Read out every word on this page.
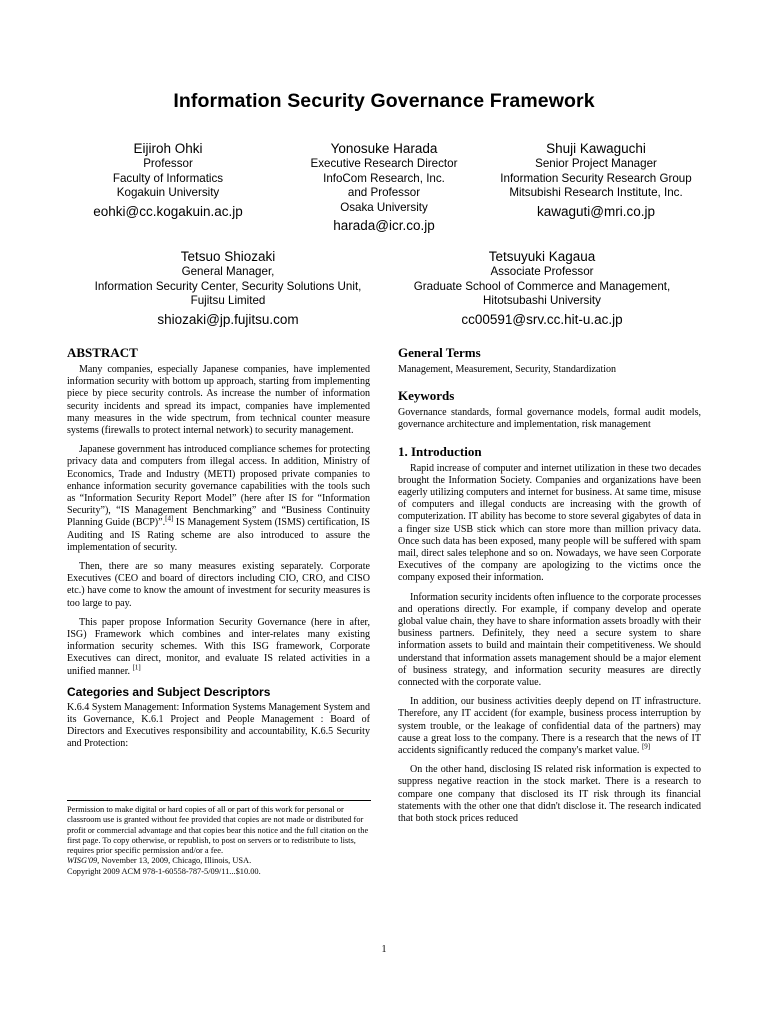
Information Security Governance Framework
Eijiroh Ohki
Professor
Faculty of Informatics
Kogakuin University
eohki@cc.kogakuin.ac.jp
Yonosuke Harada
Executive Research Director
InfoCom Research, Inc.
and Professor
Osaka University
harada@icr.co.jp
Shuji Kawaguchi
Senior Project Manager
Information Security Research Group
Mitsubishi Research Institute, Inc.
kawaguti@mri.co.jp
Tetsuo Shiozaki
General Manager,
Information Security Center, Security Solutions Unit,
Fujitsu Limited
shiozaki@jp.fujitsu.com
Tetsuyuki Kagaua
Associate Professor
Graduate School of Commerce and Management,
Hitotsubashi University
cc00591@srv.cc.hit-u.ac.jp
ABSTRACT

Many companies, especially Japanese companies, have implemented information security with bottom up approach, starting from implementing piece by piece security controls. As increase the number of information security incidents and spread its impact, companies have implemented many measures in the wide spectrum, from technical counter measure systems (firewalls to protect internal network) to security management.

Japanese government has introduced compliance schemes for protecting privacy data and computers from illegal access. In addition, Ministry of Economics, Trade and Industry (METI) proposed private companies to enhance information security governance capabilities with the tools such as “Information Security Report Model” (here after IS for “Information Security”), “IS Management Benchmarking” and “Business Continuity Planning Guide (BCP)”.[4] IS Management System (ISMS) certification, IS Auditing and IS Rating scheme are also introduced to assure the implementation of security.

Then, there are so many measures existing separately. Corporate Executives (CEO and board of directors including CIO, CRO, and CISO etc.) have come to know the amount of investment for security measures is too large to pay.

This paper propose Information Security Governance (here in after, ISG) Framework which combines and inter-relates many existing information security schemes. With this ISG framework, Corporate Executives can direct, monitor, and evaluate IS related activities in a unified manner. [1]

Categories and Subject Descriptors

K.6.4 System Management: Information Systems Management System and its Governance, K.6.1 Project and People Management : Board of Directors and Executives responsibility and accountability, K.6.5 Security and Protection:

Permission to make digital or hard copies of all or part of this work for personal or classroom use is granted without fee provided that copies are not made or distributed for profit or commercial advantage and that copies bear this notice and the full citation on the first page. To copy otherwise, or republish, to post on servers or to redistribute to lists, requires prior specific permission and/or a fee.

WISG'09, November 13, 2009, Chicago, Illinois, USA.

Copyright 2009 ACM 978-1-60558-787-5/09/11...$10.00.

General Terms

Management, Measurement, Security, Standardization

Keywords

Governance standards, formal governance models, formal audit models, governance architecture and implementation, risk management

1. Introduction

Rapid increase of computer and internet utilization in these two decades brought the Information Society. Companies and organizations have been eagerly utilizing computers and internet for business. At same time, misuse of computers and illegal conducts are increasing with the growth of computerization. IT ability has become to store several gigabytes of data in a finger size USB stick which can store more than million privacy data. Once such data has been exposed, many people will be suffered with spam mail, direct sales telephone and so on. Nowadays, we have seen Corporate Executives of the company are apologizing to the victims once the company exposed their information.

Information security incidents often influence to the corporate processes and operations directly. For example, if company develop and operate global value chain, they have to share information assets broadly with their business partners. Definitely, they need a secure system to share information assets to build and maintain their competitiveness. We should understand that information assets management should be a major element of business strategy, and information security measures are directly connected with the corporate value.

In addition, our business activities deeply depend on IT infrastructure. Therefore, any IT accident (for example, business process interruption by system trouble, or the leakage of confidential data of the partners) may cause a great loss to the company. There is a research that the news of IT accidents significantly reduced the company's market value. [9]

On the other hand, disclosing IS related risk information is expected to suppress negative reaction in the stock market. There is a research to compare one company that disclosed its IT risk through its financial statements with the other one that didn't disclose it. The research indicated that both stock prices reduced

1
